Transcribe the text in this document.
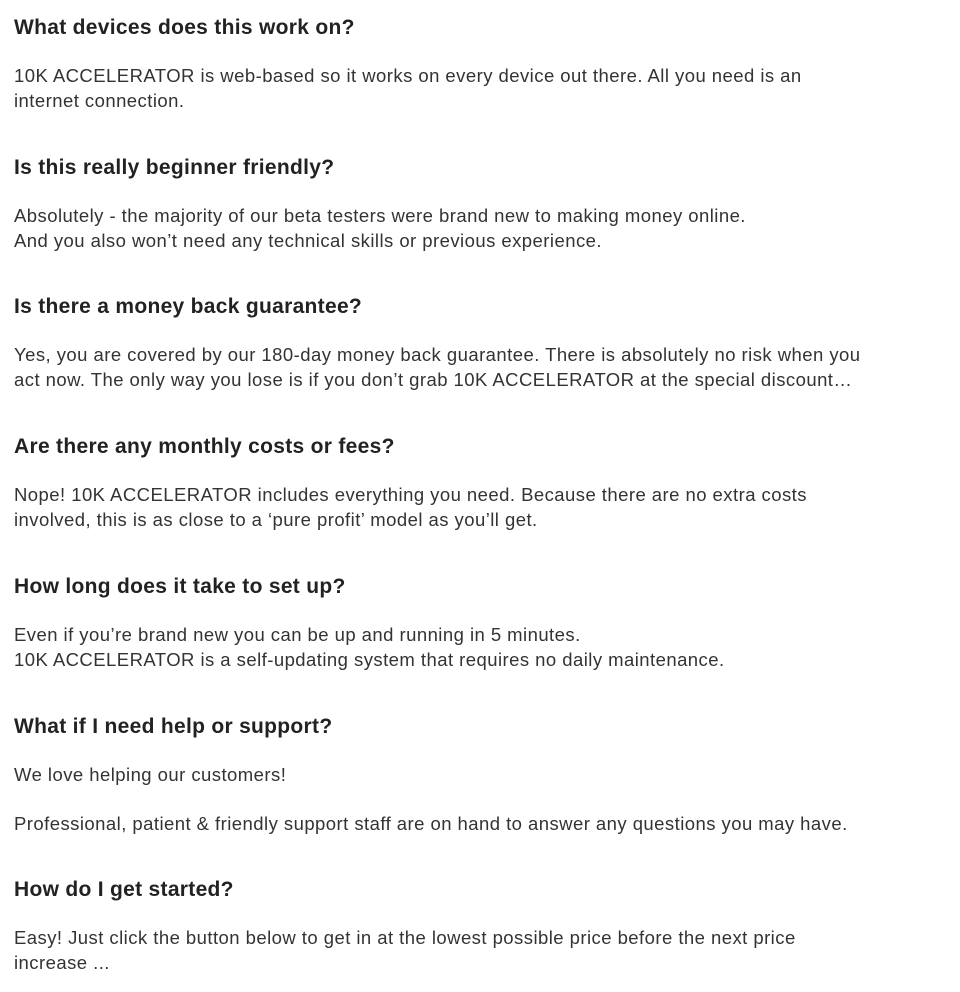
What devices does this work on?

10K ACCELERATOR is web-based so it works on every device out there. All you need is an
internet connection.

Is this really beginner friendly?

Absolutely - the majority of our beta testers were brand new to making money online.
And you also won’t need any technical skills or previous experience.

Is there a money back guarantee?

Yes, you are covered by our 180-day money back guarantee. There is absolutely no risk when you
act now. The only way you lose is if you don’t grab 10K ACCELERATOR at the special discount…

Are there any monthly costs or fees?

Nope! 10K ACCELERATOR includes everything you need. Because there are no extra costs
involved, this is as close to a ‘pure profit’ model as you’ll get.

How long does it take to set up?

Even if you’re brand new you can be up and running in 5 minutes.
10K ACCELERATOR is a self-updating system that requires no daily maintenance.

What if I need help or support?

We love helping our customers!
Professional, patient & friendly support staff are on hand to answer any questions you may have.

How do I get started?

Easy! Just click the button below to get in at the lowest possible price before the next price
increase ...
